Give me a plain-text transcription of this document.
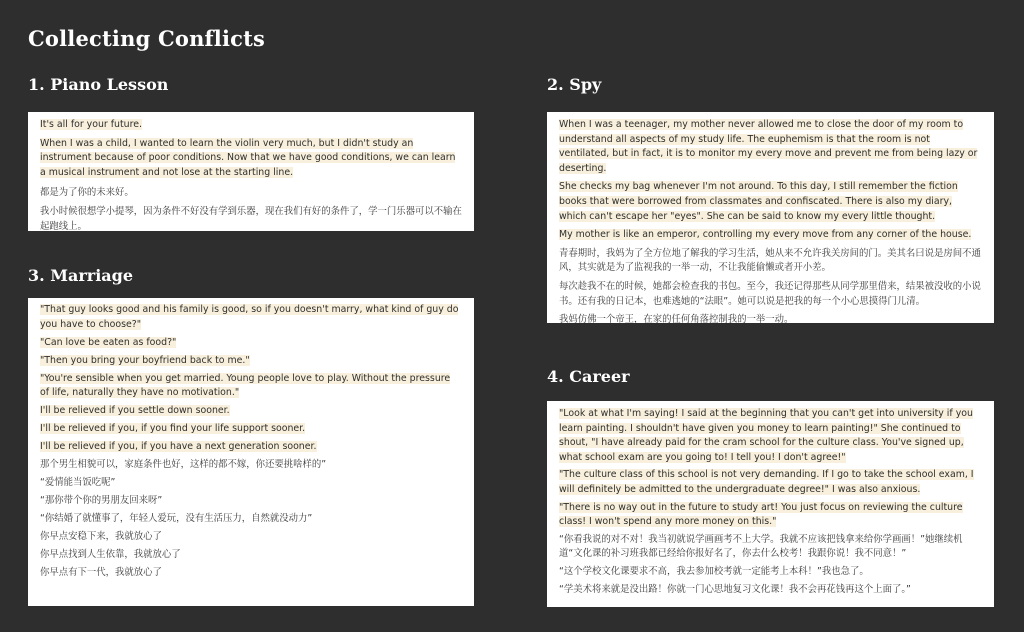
Collecting Conflicts
1. Piano Lesson

It's all for your future.

When I was a child, I wanted to learn the violin very much, but I didn't study an instrument because of poor conditions. Now that we have good conditions, we can learn a musical instrument and not lose at the starting line.

都是为了你的未来好。

我小时候很想学小提琴，因为条件不好没有学到乐器，现在我们有好的条件了，学一门乐器可以不输在起跑线上。

2. Spy

When I was a teenager, my mother never allowed me to close the door of my room to understand all aspects of my study life. The euphemism is that the room is not ventilated, but in fact, it is to monitor my every move and prevent me from being lazy or deserting.

She checks my bag whenever I'm not around. To this day, I still remember the fiction books that were borrowed from classmates and confiscated. There is also my diary, which can't escape her "eyes". She can be said to know my every little thought.

My mother is like an emperor, controlling my every move from any corner of the house.

青春期时，我妈为了全方位地了解我的学习生活，她从来不允许我关房间的门。美其名曰说是房间不通风，其实就是为了监视我的一举一动，不让我能偷懒或者开小差。

每次趁我不在的时候，她都会检查我的书包。至今，我还记得那些从同学那里借来，结果被没收的小说书。还有我的日记本，也难逃她的“法眼”。她可以说是把我的每一个小心思摸得门儿清。

我妈仿佛一个帝王，在家的任何角落控制我的一举一动。

3. Marriage

"That guy looks good and his family is good, so if you doesn't marry, what kind of guy do you have to choose?"

"Can love be eaten as food?"

"Then you bring your boyfriend back to me."

"You're sensible when you get married. Young people love to play. Without the pressure of life, naturally they have no motivation."

I'll be relieved if you settle down sooner.

I'll be relieved if you, if you find your life support sooner.

I'll be relieved if you, if you have a next generation sooner.

那个男生相貌可以，家庭条件也好，这样的都不嫁，你还要挑啥样的”

“爱情能当饭吃呢”

“那你带个你的男朋友回来呀”

“你结婚了就懂事了，年轻人爱玩，没有生活压力，自然就没动力”

你早点安稳下来，我就放心了

你早点找到人生依靠，我就放心了

你早点有下一代，我就放心了

4. Career

"Look at what I'm saying! I said at the beginning that you can't get into university if you learn painting. I shouldn't have given you money to learn painting!" She continued to shout, "I have already paid for the cram school for the culture class. You've signed up, what school exam are you going to! I tell you! I don't agree!"

"The culture class of this school is not very demanding. If I go to take the school exam, I will definitely be admitted to the undergraduate degree!" I was also anxious.

"There is no way out in the future to study art! You just focus on reviewing the culture class! I won't spend any more money on this."

“你看我说的对不对！我当初就说学画画考不上大学。我就不应该把钱拿来给你学画画！”她继续机道“文化课的补习班我都已经给你报好名了，你去什么校考！我跟你说！我不同意！”

“这个学校文化课要求不高，我去参加校考就一定能考上本科！”我也急了。

“学美术将来就是没出路！你就一门心思地复习文化课！我不会再花钱再这个上面了。”
